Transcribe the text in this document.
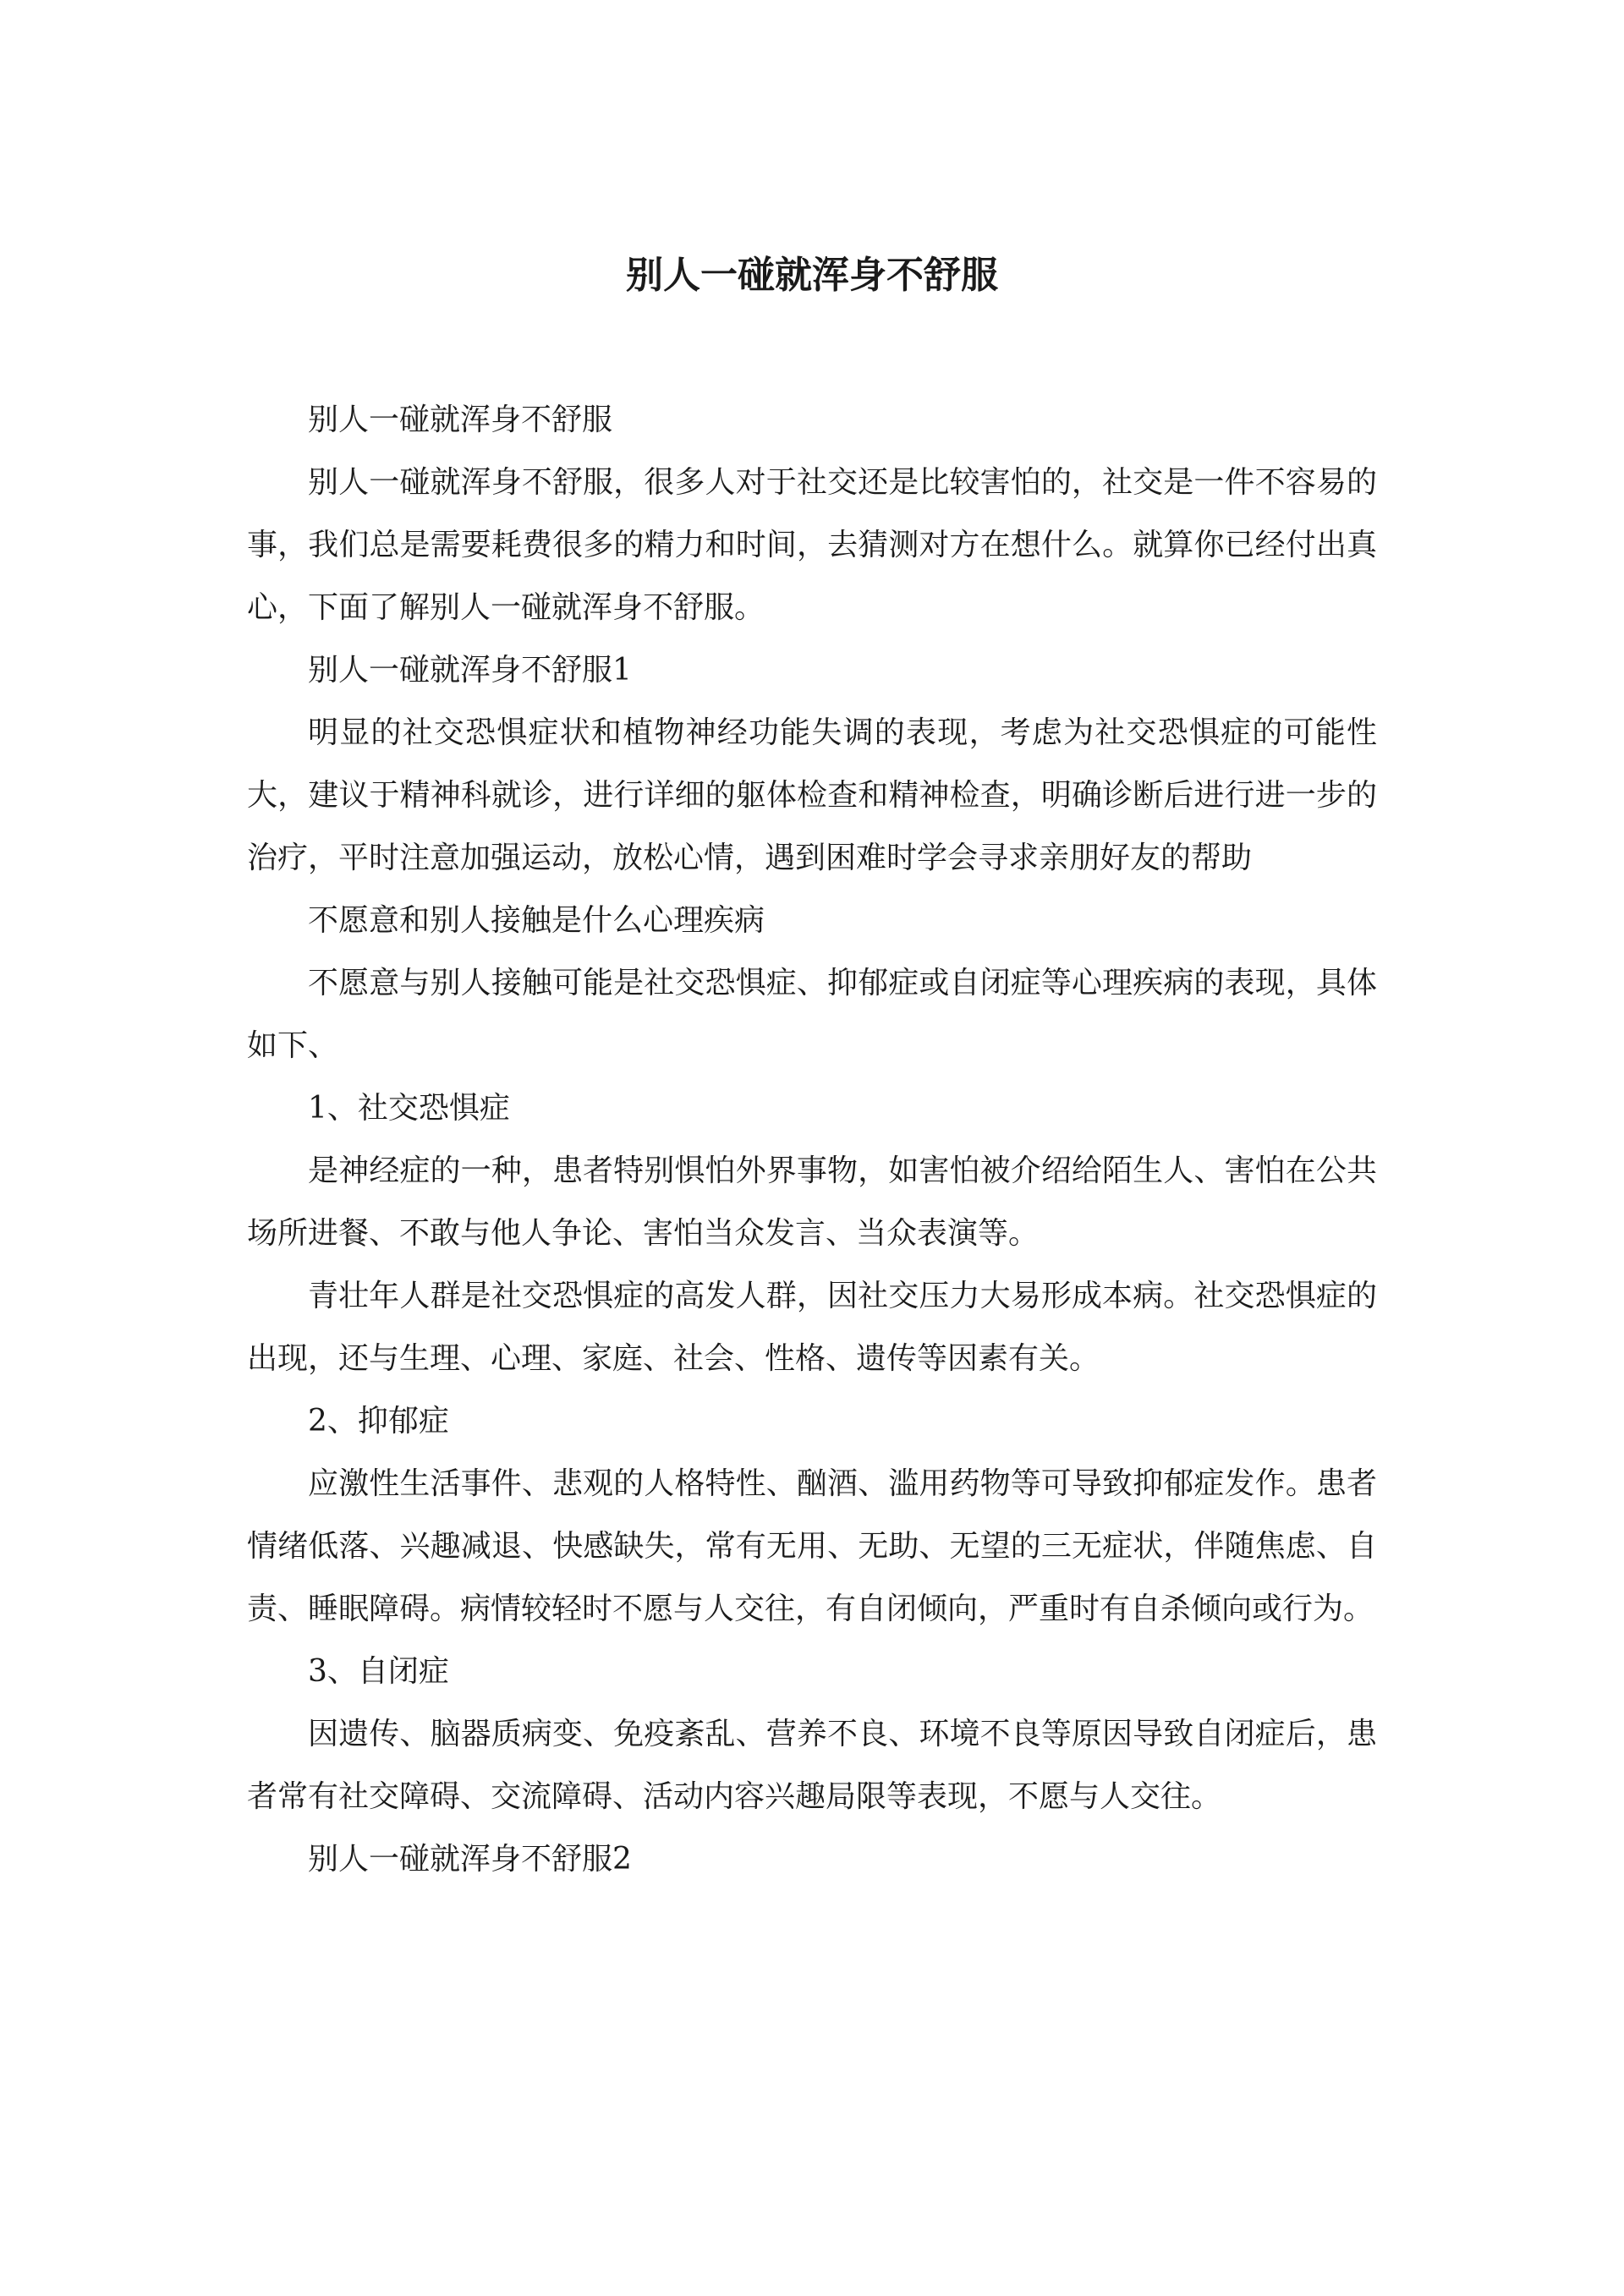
别人一碰就浑身不舒服

别人一碰就浑身不舒服

别人一碰就浑身不舒服，很多人对于社交还是比较害怕的，社交是一件不容易的事，我们总是需要耗费很多的精力和时间，去猜测对方在想什么。就算你已经付出真心，下面了解别人一碰就浑身不舒服。

别人一碰就浑身不舒服1

明显的社交恐惧症状和植物神经功能失调的表现，考虑为社交恐惧症的可能性大，建议于精神科就诊，进行详细的躯体检查和精神检查，明确诊断后进行进一步的治疗，平时注意加强运动，放松心情，遇到困难时学会寻求亲朋好友的帮助

不愿意和别人接触是什么心理疾病

不愿意与别人接触可能是社交恐惧症、抑郁症或自闭症等心理疾病的表现，具体如下、

1、社交恐惧症

是神经症的一种，患者特别惧怕外界事物，如害怕被介绍给陌生人、害怕在公共场所进餐、不敢与他人争论、害怕当众发言、当众表演等。

青壮年人群是社交恐惧症的高发人群，因社交压力大易形成本病。社交恐惧症的出现，还与生理、心理、家庭、社会、性格、遗传等因素有关。

2、抑郁症

应激性生活事件、悲观的人格特性、酗酒、滥用药物等可导致抑郁症发作。患者情绪低落、兴趣减退、快感缺失，常有无用、无助、无望的三无症状，伴随焦虑、自责、睡眠障碍。病情较轻时不愿与人交往，有自闭倾向，严重时有自杀倾向或行为。

3、自闭症

因遗传、脑器质病变、免疫紊乱、营养不良、环境不良等原因导致自闭症后，患者常有社交障碍、交流障碍、活动内容兴趣局限等表现，不愿与人交往。

别人一碰就浑身不舒服2
